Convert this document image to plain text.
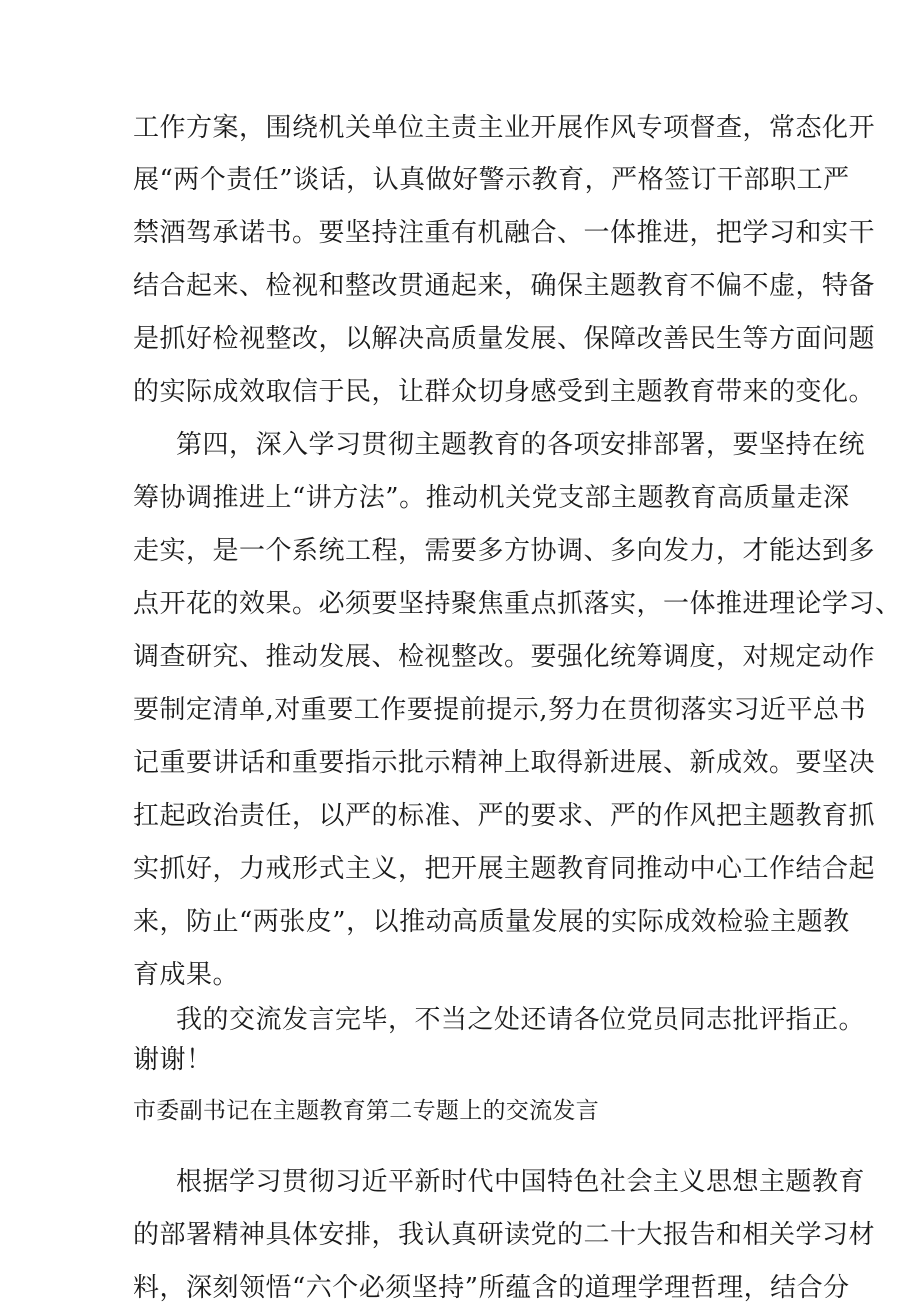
工作方案，围绕机关单位主责主业开展作风专项督查，常态化开
展“两个责任”谈话，认真做好警示教育，严格签订干部职工严
禁酒驾承诺书。要坚持注重有机融合、一体推进，把学习和实干
结合起来、检视和整改贯通起来，确保主题教育不偏不虚，特备
是抓好检视整改，以解决高质量发展、保障改善民生等方面问题
的实际成效取信于民，让群众切身感受到主题教育带来的变化。
第四，深入学习贯彻主题教育的各项安排部署，要坚持在统
筹协调推进上“讲方法”。推动机关党支部主题教育高质量走深
走实，是一个系统工程，需要多方协调、多向发力，才能达到多
点开花的效果。必须要坚持聚焦重点抓落实，一体推进理论学习、
调查研究、推动发展、检视整改。要强化统筹调度，对规定动作
要制定清单,对重要工作要提前提示,努力在贯彻落实习近平总书
记重要讲话和重要指示批示精神上取得新进展、新成效。要坚决
扛起政治责任，以严的标准、严的要求、严的作风把主题教育抓
实抓好，力戒形式主义，把开展主题教育同推动中心工作结合起
来，防止“两张皮”，以推动高质量发展的实际成效检验主题教
育成果。
我的交流发言完毕，不当之处还请各位党员同志批评指正。
谢谢！
市委副书记在主题教育第二专题上的交流发言
根据学习贯彻习近平新时代中国特色社会主义思想主题教育
的部署精神具体安排，我认真研读党的二十大报告和相关学习材
料，深刻领悟“六个必须坚持”所蕴含的道理学理哲理，结合分
